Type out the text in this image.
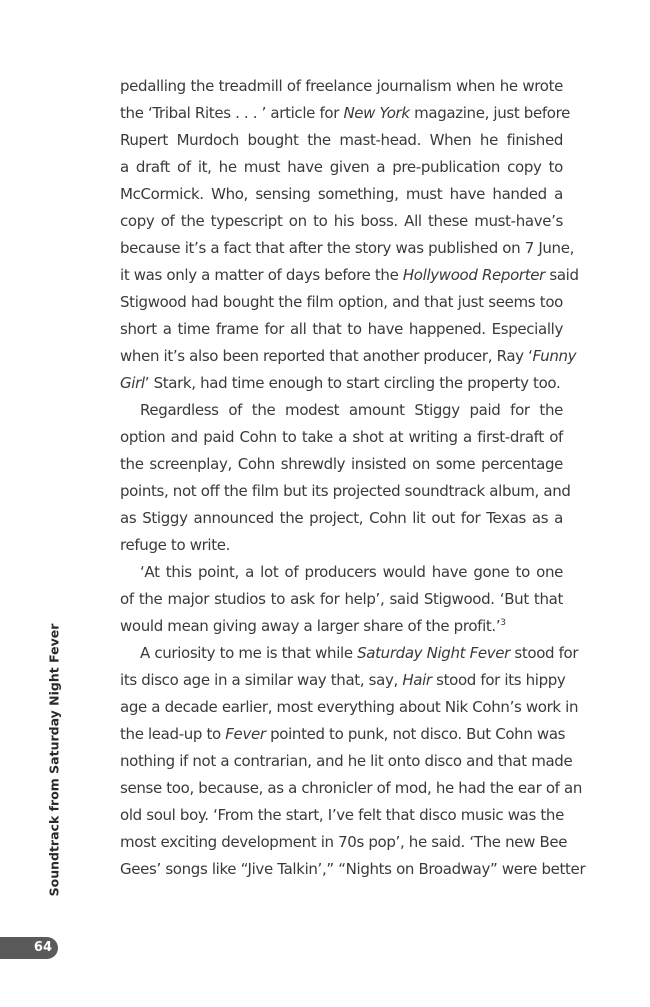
pedalling the treadmill of freelance journalism when he wrote
the ‘Tribal Rites . . . ’ article for New York magazine, just before
Rupert Murdoch bought the mast-head. When he finished
a draft of it, he must have given a pre-publication copy to
McCormick. Who, sensing something, must have handed a
copy of the typescript on to his boss. All these must-have’s
because it’s a fact that after the story was published on 7 June,
it was only a matter of days before the Hollywood Reporter said
Stigwood had bought the film option, and that just seems too
short a time frame for all that to have happened. Especially
when it’s also been reported that another producer, Ray ‘Funny
Girl’ Stark, had time enough to start circling the property too.
Regardless of the modest amount Stiggy paid for the
option and paid Cohn to take a shot at writing a first-draft of
the screenplay, Cohn shrewdly insisted on some percentage
points, not off the film but its projected soundtrack album, and
as Stiggy announced the project, Cohn lit out for Texas as a
refuge to write.
‘At this point, a lot of producers would have gone to one
of the major studios to ask for help’, said Stigwood. ‘But that
would mean giving away a larger share of the profit.’$^3$
A curiosity to me is that while Saturday Night Fever stood for
its disco age in a similar way that, say, Hair stood for its hippy
age a decade earlier, most everything about Nik Cohn’s work in
the lead-up to Fever pointed to punk, not disco. But Cohn was
nothing if not a contrarian, and he lit onto disco and that made
sense too, because, as a chronicler of mod, he had the ear of an
old soul boy. ‘From the start, I’ve felt that disco music was the
most exciting development in 70s pop’, he said. ‘The new Bee
Gees’ songs like “Jive Talkin’,” “Nights on Broadway” were better
Soundtrack from Saturday Night Fever
64
